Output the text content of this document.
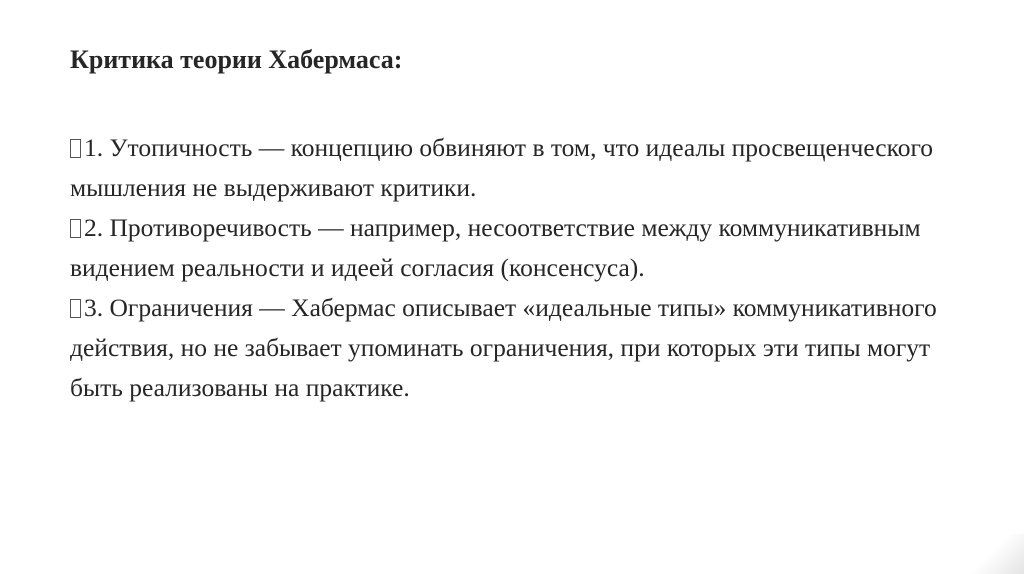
Критика теории Хабермаса:

1. Утопичность — концепцию обвиняют в том, что идеалы просвещенческого мышления не выдерживают критики.

2. Противоречивость — например, несоответствие между коммуникативным видением реальности и идеей согласия (консенсуса).

3. Ограничения — Хабермас описывает «идеальные типы» коммуникативного действия, но не забывает упоминать ограничения, при которых эти типы могут быть реализованы на практике.
